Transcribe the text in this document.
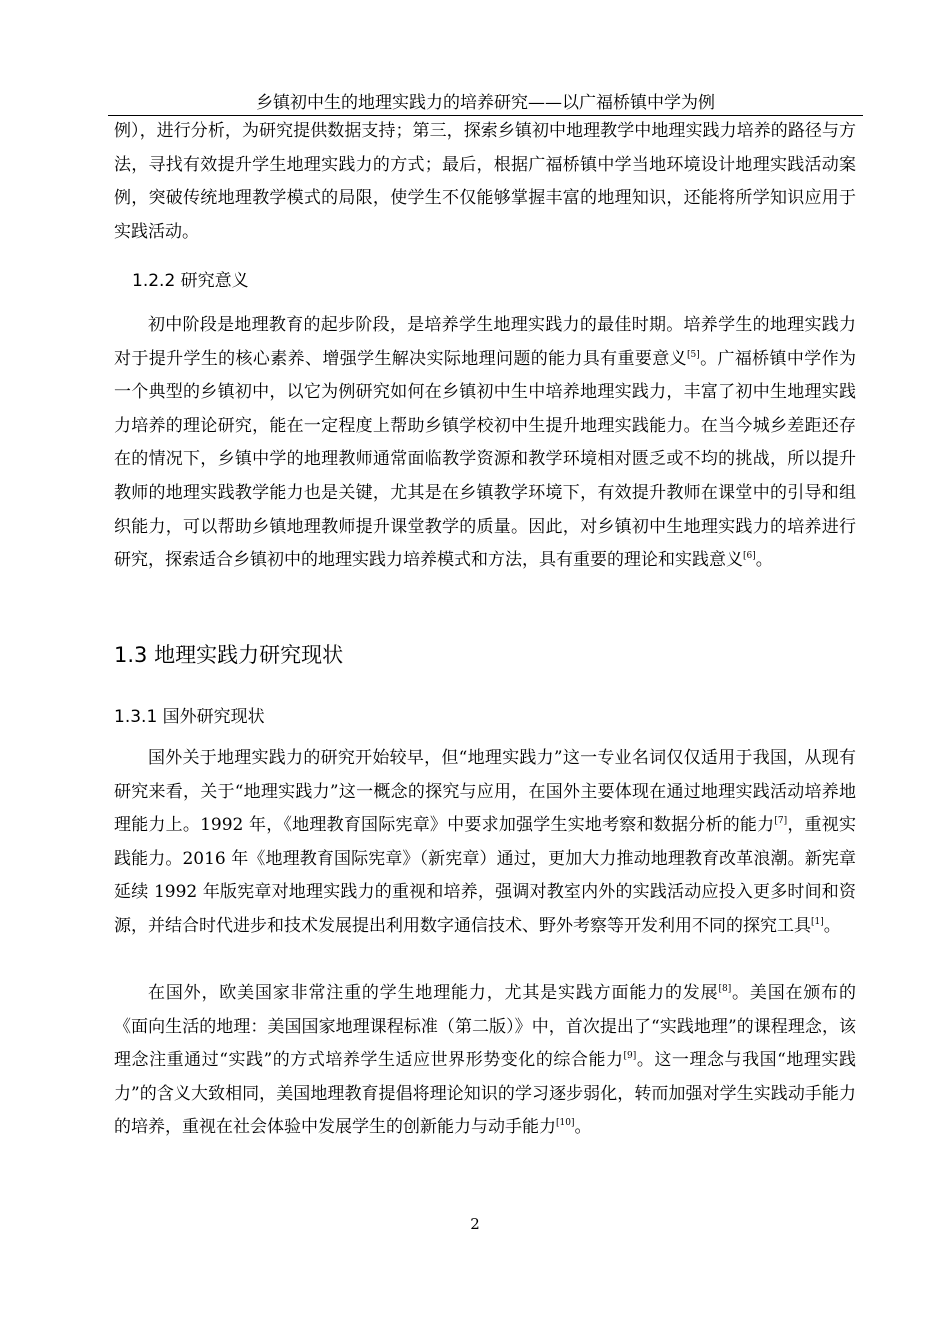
乡镇初中生的地理实践力的培养研究——以广福桥镇中学为例
例），进行分析，为研究提供数据支持；第三，探索乡镇初中地理教学中地理实践力培养的路径与方法，寻找有效提升学生地理实践力的方式；最后，根据广福桥镇中学当地环境设计地理实践活动案例，突破传统地理教学模式的局限，使学生不仅能够掌握丰富的地理知识，还能将所学知识应用于实践活动。
1.2.2 研究意义
初中阶段是地理教育的起步阶段，是培养学生地理实践力的最佳时期。培养学生的地理实践力对于提升学生的核心素养、增强学生解决实际地理问题的能力具有重要意义[5]。广福桥镇中学作为一个典型的乡镇初中，以它为例研究如何在乡镇初中生中培养地理实践力，丰富了初中生地理实践力培养的理论研究，能在一定程度上帮助乡镇学校初中生提升地理实践能力。在当今城乡差距还存在的情况下，乡镇中学的地理教师通常面临教学资源和教学环境相对匮乏或不均的挑战，所以提升教师的地理实践教学能力也是关键，尤其是在乡镇教学环境下，有效提升教师在课堂中的引导和组织能力，可以帮助乡镇地理教师提升课堂教学的质量。因此，对乡镇初中生地理实践力的培养进行研究，探索适合乡镇初中的地理实践力培养模式和方法，具有重要的理论和实践意义[6]。
1.3 地理实践力研究现状
1.3.1 国外研究现状
国外关于地理实践力的研究开始较早，但“地理实践力”这一专业名词仅仅适用于我国，从现有研究来看，关于“地理实践力”这一概念的探究与应用，在国外主要体现在通过地理实践活动培养地理能力上。1992 年，《地理教育国际宪章》中要求加强学生实地考察和数据分析的能力[7]，重视实践能力。2016 年《地理教育国际宪章》（新宪章）通过，更加大力推动地理教育改革浪潮。新宪章延续 1992 年版宪章对地理实践力的重视和培养，强调对教室内外的实践活动应投入更多时间和资源，并结合时代进步和技术发展提出利用数字通信技术、野外考察等开发利用不同的探究工具[1]。
在国外，欧美国家非常注重的学生地理能力，尤其是实践方面能力的发展[8]。美国在颁布的《面向生活的地理：美国国家地理课程标准（第二版）》中，首次提出了“实践地理”的课程理念，该理念注重通过“实践”的方式培养学生适应世界形势变化的综合能力[9]。这一理念与我国“地理实践力”的含义大致相同，美国地理教育提倡将理论知识的学习逐步弱化，转而加强对学生实践动手能力的培养，重视在社会体验中发展学生的创新能力与动手能力[10]。
2
